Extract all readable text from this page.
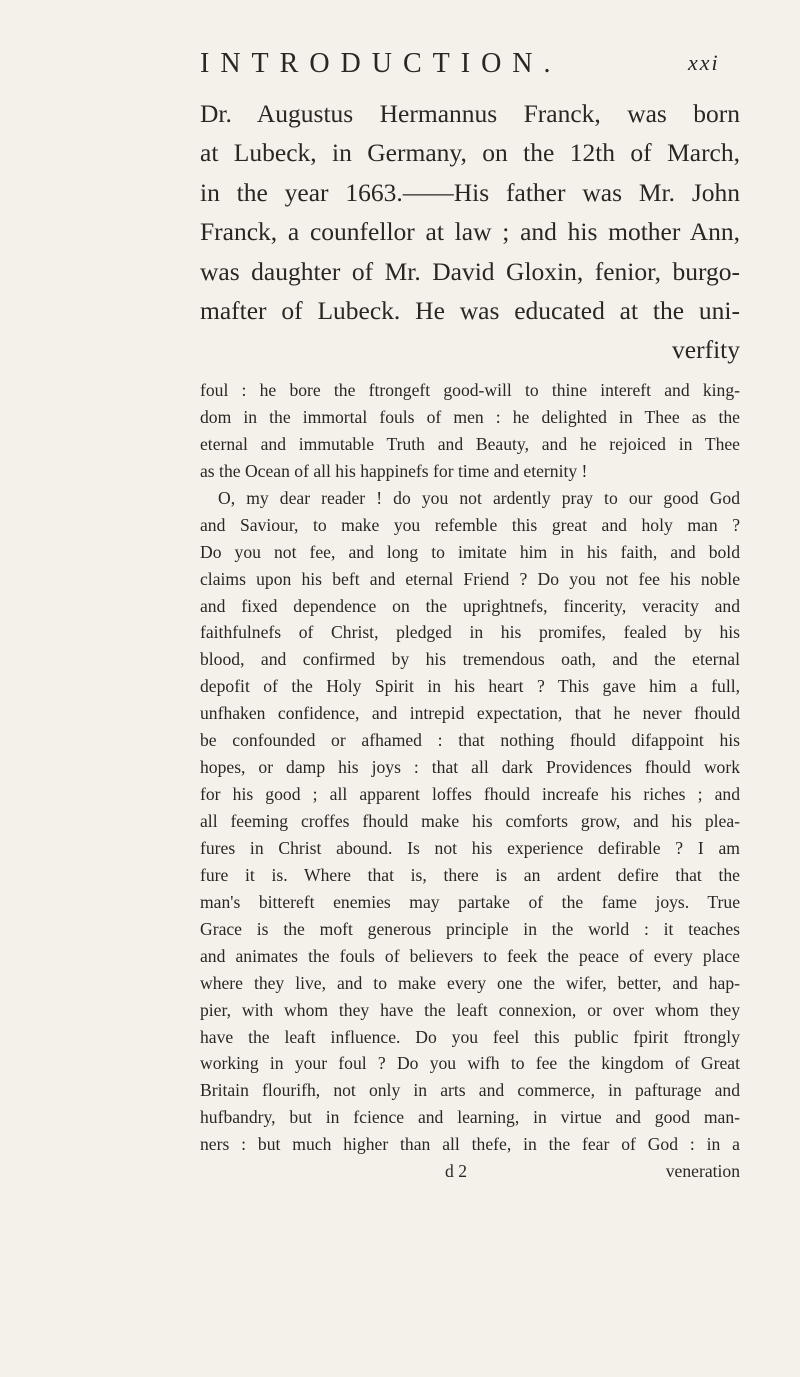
INTRODUCTION.	xxi
Dr. Augustus Hermannus Franck, was born
at Lubeck, in Germany, on the 12th of March,
in the year 1663.——His father was Mr. John
Franck, a counfellor at law ; and his mother Ann,
was daughter of Mr. David Gloxin, fenior, burgo-
mafter of Lubeck. He was educated at the uni-
verfity
foul : he bore the ftrongeft good-will to thine intereft and king-
dom in the immortal fouls of men : he delighted in Thee as the
eternal and immutable Truth and Beauty, and he rejoiced in Thee
as the Ocean of all his happinefs for time and eternity !
O, my dear reader ! do you not ardently pray to our good God
and Saviour, to make you refemble this great and holy man ?
Do you not fee, and long to imitate him in his faith, and bold
claims upon his beft and eternal Friend ? Do you not fee his noble
and fixed dependence on the uprightnefs, fincerity, veracity and
faithfulnefs of Christ, pledged in his promifes, fealed by his
blood, and confirmed by his tremendous oath, and the eternal
depofit of the Holy Spirit in his heart ? This gave him a full,
unfhaken confidence, and intrepid expectation, that he never fhould
be confounded or afhamed : that nothing fhould difappoint his
hopes, or damp his joys : that all dark Providences fhould work
for his good ; all apparent loffes fhould increafe his riches ; and
all feeming croffes fhould make his comforts grow, and his plea-
fures in Christ abound. Is not his experience defirable ? I am
fure it is. Where that is, there is an ardent defire that the
man's bittereft enemies may partake of the fame joys. True
Grace is the moft generous principle in the world : it teaches
and animates the fouls of believers to feek the peace of every place
where they live, and to make every one the wifer, better, and hap-
pier, with whom they have the leaft connexion, or over whom they
have the leaft influence. Do you feel this public fpirit ftrongly
working in your foul ? Do you wifh to fee the kingdom of Great
Britain flourifh, not only in arts and commerce, in pafturage and
hufbandry, but in fcience and learning, in virtue and good man-
ners : but much higher than all thefe, in the fear of God : in a
d 2	veneration
